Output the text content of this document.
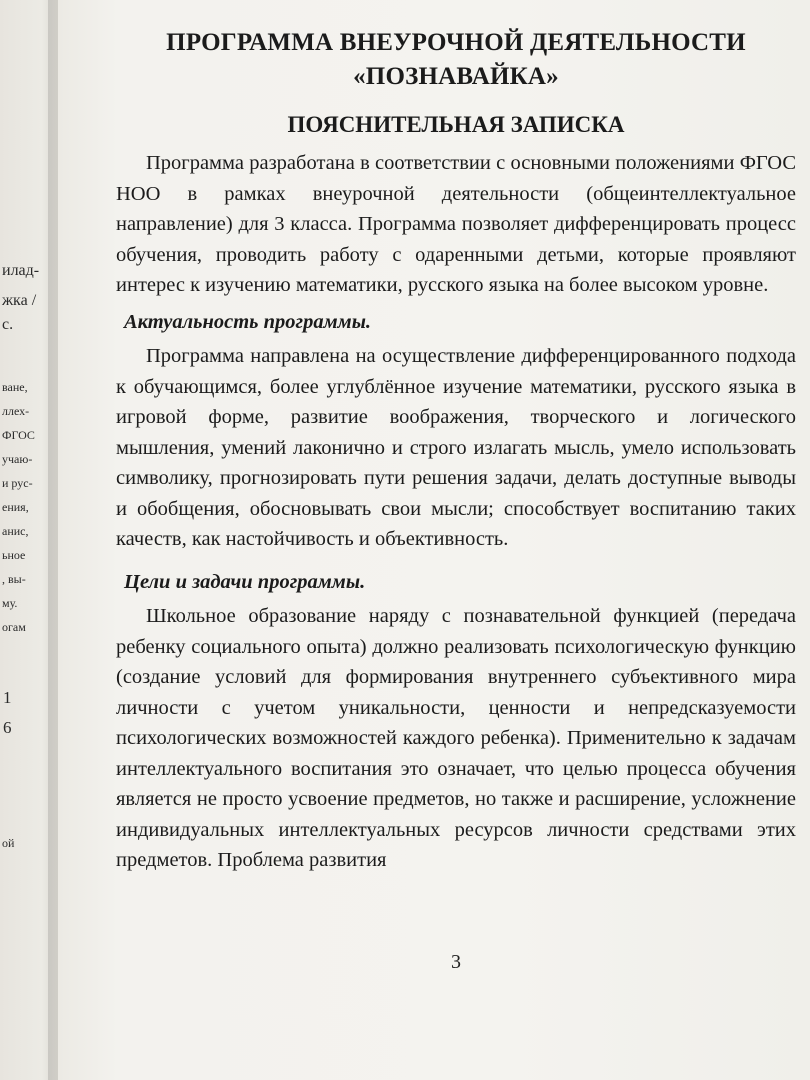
илад-
жка /
с.
ване,
ллех-
ФГОС
учаю-
и рус-
ения,
анис,
ьное
, вы-
му.
огам
1
6
ой
ПРОГРАММА ВНЕУРОЧНОЙ ДЕЯТЕЛЬНОСТИ
«ПОЗНАВАЙКА»
ПОЯСНИТЕЛЬНАЯ ЗАПИСКА

Программа разработана в соответствии с основными положениями ФГОС НОО в рамках внеурочной деятельности (общеинтеллектуальное направление) для 3 класса. Программа позволяет дифференцировать процесс обучения, проводить работу с одаренными детьми, которые проявляют интерес к изучению математики, русского языка на более высоком уровне.

Актуальность программы.

Программа направлена на осуществление дифференцированного подхода к обучающимся, более углублённое изучение математики, русского языка в игровой форме, развитие воображения, творческого и логического мышления, умений лаконично и строго излагать мысль, умело использовать символику, прогнозировать пути решения задачи, делать доступные выводы и обобщения, обосновывать свои мысли; способствует воспитанию таких качеств, как настойчивость и объективность.

Цели и задачи программы.

Школьное образование наряду с познавательной функцией (передача ребенку социального опыта) должно реализовать психологическую функцию (создание условий для формирования внутреннего субъективного мира личности с учетом уникальности, ценности и непредсказуемости психологических возможностей каждого ребенка). Применительно к задачам интеллектуального воспитания это означает, что целью процесса обучения является не просто усвоение предметов, но также и расширение, усложнение индивидуальных интеллектуальных ресурсов личности средствами этих предметов. Проблема развития

3
